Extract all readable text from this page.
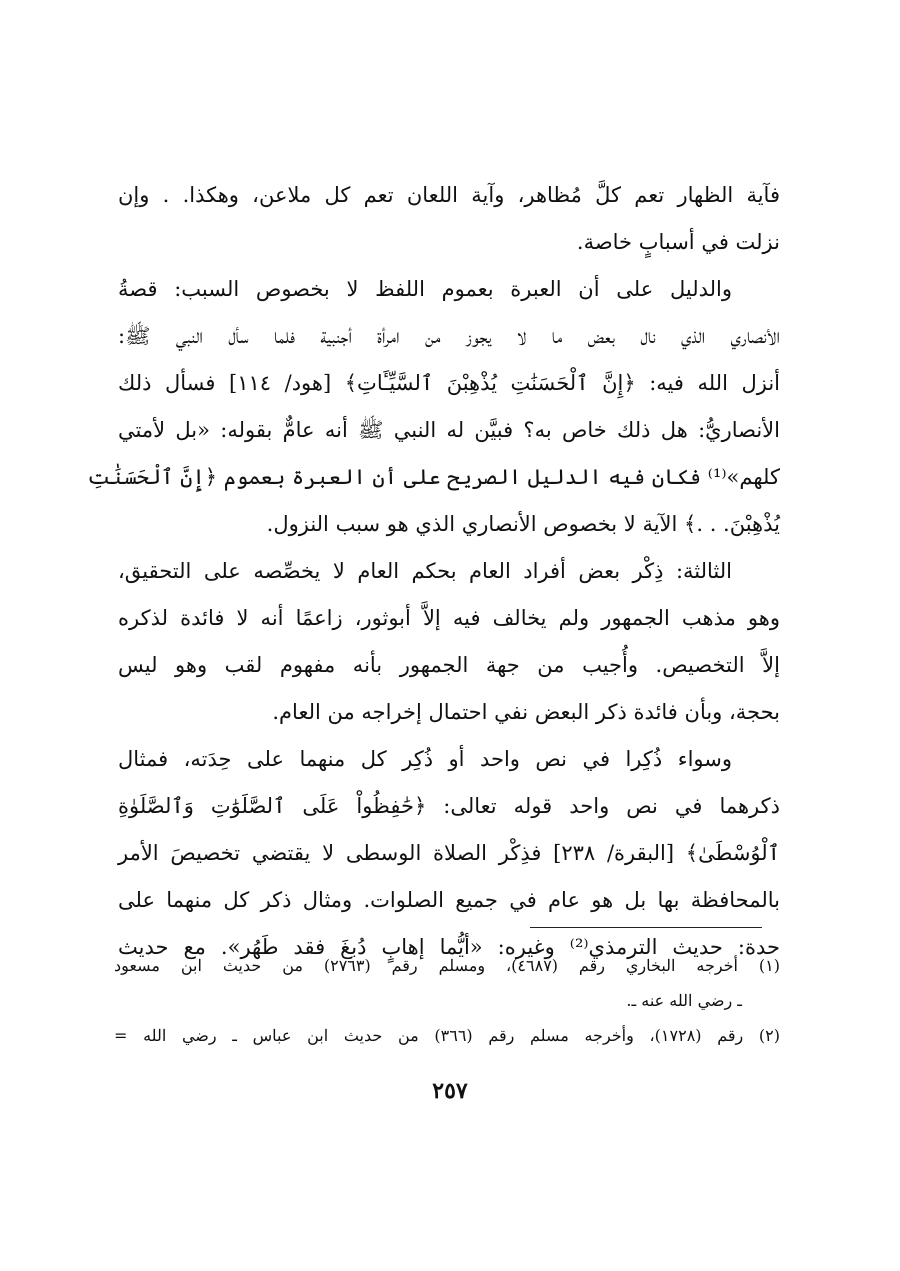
فآية الظهار تعم كلَّ مُظاهر، وآية اللعان تعم كل ملاعن، وهكذا. . وإن
نزلت في أسبابٍ خاصة.
والدليل على أن العبرة بعموم اللفظ لا بخصوص السبب: قصةُ
الأنصاري الذي نال بعض ما لا يجوز من امرأة أجنبية فلما سأل النبي ﷺ:
أنزل الله فيه: ﴿إِنَّ ٱلْحَسَنَٰتِ يُذْهِبْنَ ٱلسَّيِّـَٔاتِ﴾ [هود/ ١١٤] فسأل ذلك
الأنصاريُّ: هل ذلك خاص به؟ فبيَّن له النبي ﷺ أنه عامٌّ بقوله: «بل لأمتي
كلهم»⁽¹⁾ فكان فيه الدليل الصريح على أن العبرة بعموم ﴿إِنَّ ٱلْحَسَنَٰتِ
يُذْهِبْنَ. . .﴾ الآية لا بخصوص الأنصاري الذي هو سبب النزول.
الثالثة: ذِكْر بعض أفراد العام بحكم العام لا يخصِّصه على التحقيق،
وهو مذهب الجمهور ولم يخالف فيه إلاَّ أبوثور، زاعمًا أنه لا فائدة لذكره
إلاَّ التخصيص. وأُجيب من جهة الجمهور بأنه مفهوم لقب وهو ليس
بحجة، وبأن فائدة ذكر البعض نفي احتمال إخراجه من العام.
وسواء ذُكِرا في نص واحد أو ذُكِر كل منهما على حِدَته، فمثال
ذكرهما في نص واحد قوله تعالى: ﴿حَٰفِظُواْ عَلَى ٱلصَّلَوَٰتِ وَٱلصَّلَوٰةِ
ٱلْوُسْطَىٰ﴾ [البقرة/ ٢٣٨] فذِكْر الصلاة الوسطى لا يقتضي تخصيصَ الأمر
بالمحافظة بها بل هو عام في جميع الصلوات. ومثال ذكر كل منهما على
حدة: حديث الترمذي⁽²⁾ وغيره: «أيُّما إهابٍ دُبغَ فقد طَهُر». مع حديث
(١) أخرجه البخاري رقم (٤٦٨٧)، ومسلم رقم (٢٧٦٣) من حديث ابن مسعود
ـ رضي الله عنه ـ.
(٢) رقم (١٧٢٨)، وأخرجه مسلم رقم (٣٦٦) من حديث ابن عباس ـ رضي الله =
٢٥٧
